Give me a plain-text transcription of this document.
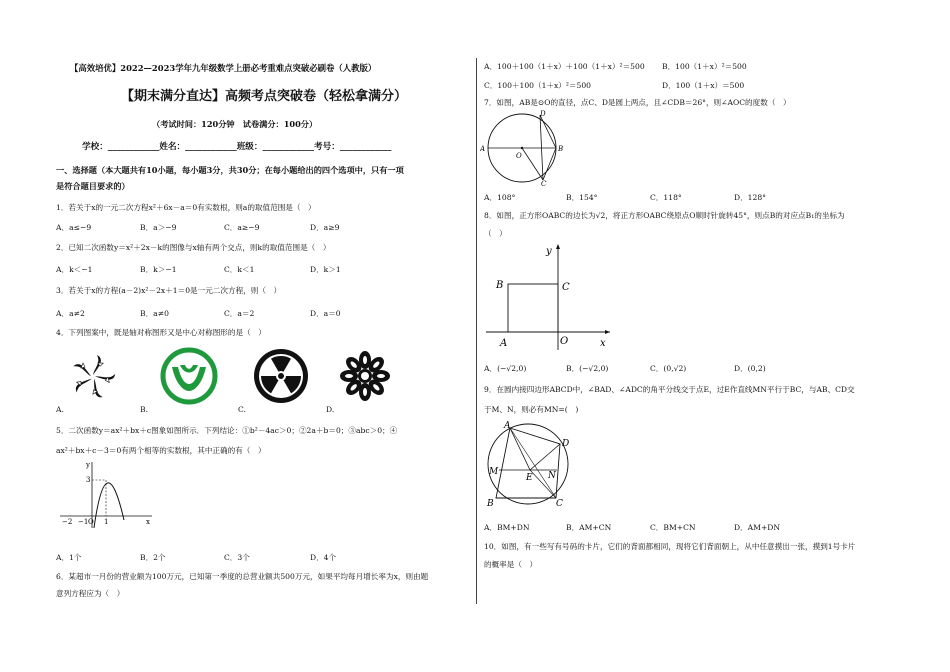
【高效培优】2022—2023学年九年级数学上册必考重难点突破必刷卷（人教版）
【期末满分直达】高频考点突破卷（轻松拿满分）
（考试时间：120分钟　试卷满分：100分）
学校：____________姓名：____________班级：____________考号：____________
一、选择题（本大题共有10小题，每小题3分，共30分；在每小题给出的四个选项中，只有一项
是符合题目要求的）
1．若关于x的一元二次方程x²＋6x－a＝0有实数根，则a的取值范围是（　）
A．a≤−9	B．a＞−9	C．a≥−9	D．a≥9
2．已知二次函数y＝x²＋2x－k的图像与x轴有两个交点，则k的取值范围是（　）
A．k＜−1	B．k＞−1	C．k＜1	D．k＞1
3．若关于x的方程(a－2)x²－2x＋1＝0是一元二次方程，则（　）
A．a≠2	B．a≠0	C．a＝2	D．a＝0
4．下列图案中，既是轴对称图形又是中心对称图形的是（　）
A.	B.	C.	D.
5．二次函数y＝ax²＋bx＋c图象如图所示．下列结论：①b²－4ac＞0；②2a＋b＝0；③abc＞0；④
ax²＋bx＋c－3＝0有两个相等的实数根，其中正确的有（　）
y
3
−2 −1 O 1	x
A．1个	B．2个	C．3个	D．4个
6．某超市一月份的营业额为100万元，已知第一季度的总营业额共500万元，如果平均每月增长率为x，则由题
意列方程应为（　）
A．100＋100（1＋x）＋100（1＋x）²＝500 B．100（1＋x）²＝500
C．100＋100（1＋x）²＝500	D．100（1＋x）＝500
7．如图，AB是⊙O的直径，点C、D是圆上两点，且∠CDB＝26°，则∠AOC的度数（　）
A	B
C
D
O
A．108°	B．154°	C．118°	D．128°
8．如图，正方形OABC的边长为√2，将正方形OABC绕原点O顺时针旋转45°，则点B的对应点B₁的坐标为
（　）
y
x
B	C
A	O
A．(−√2,0)	B．(−√2,0)	C．(0,√2)	D．(0,2)
9．在圆内接四边形ABCD中，∠BAD、∠ADC的角平分线交于点E，过E作直线MN平行于BC，与AB、CD交
于M、N，则必有MN=(　)
A
D
B	C
M	N
E
A．BM+DN	B．AM+CN	C．BM+CN	D．AM+DN
10．如图，有一些写有号码的卡片，它们的背面都相同，现将它们背面朝上，从中任意摸出一张，摸到1号卡片
的概率是（　）
